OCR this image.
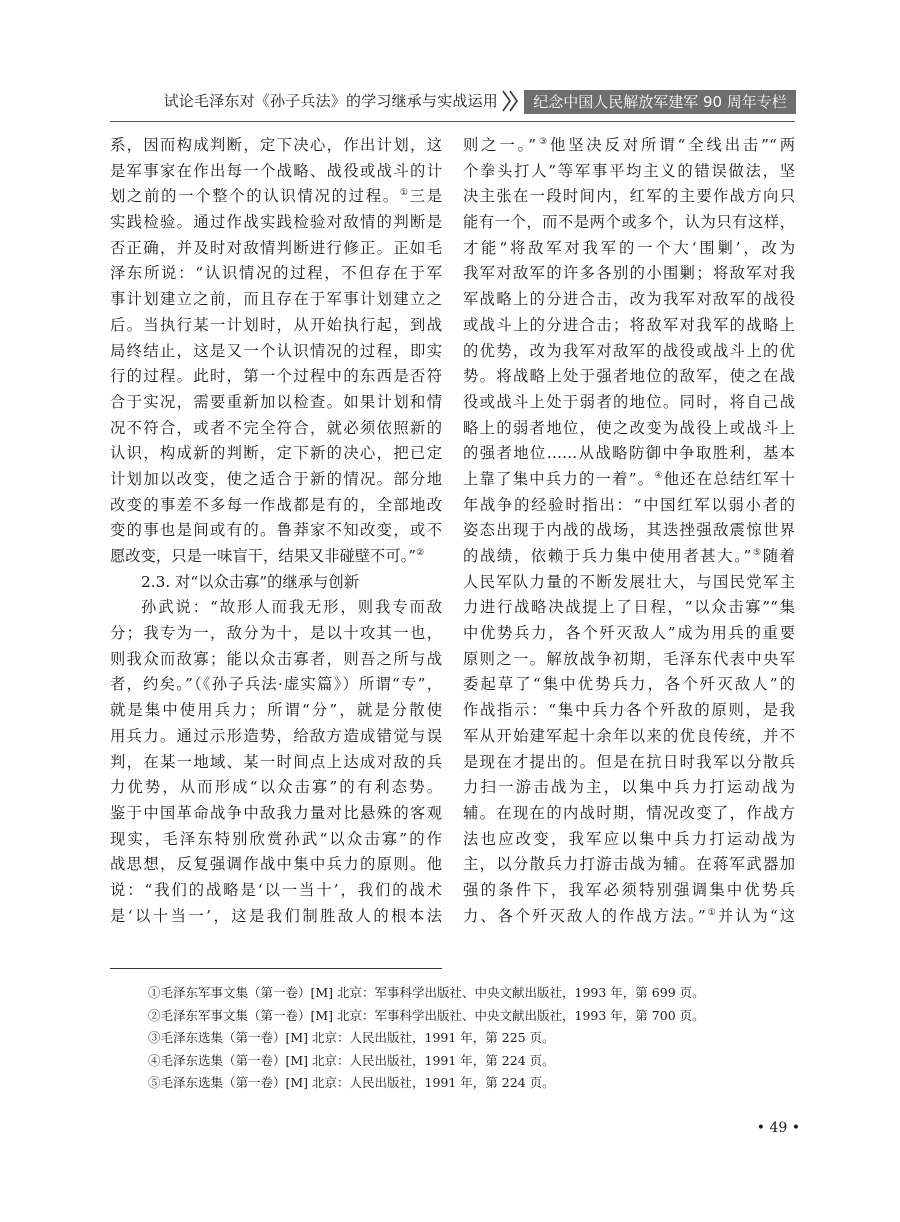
试论毛泽东对《孙子兵法》的学习继承与实战运用	纪念中国人民解放军建军 90 周年专栏
系，因而构成判断，定下决心，作出计划，这
是军事家在作出每一个战略、战役或战斗的计
划之前的一个整个的认识情况的过程。①三是
实践检验。通过作战实践检验对敌情的判断是
否正确，并及时对敌情判断进行修正。正如毛
泽东所说：“认识情况的过程，不但存在于军
事计划建立之前，而且存在于军事计划建立之
后。当执行某一计划时，从开始执行起，到战
局终结止，这是又一个认识情况的过程，即实
行的过程。此时，第一个过程中的东西是否符
合于实况，需要重新加以检查。如果计划和情
况不符合，或者不完全符合，就必须依照新的
认识，构成新的判断，定下新的决心，把已定
计划加以改变，使之适合于新的情况。部分地
改变的事差不多每一作战都是有的，全部地改
变的事也是间或有的。鲁莽家不知改变，或不
愿改变，只是一味盲干，结果又非碰壁不可。”②
2.3. 对“以众击寡”的继承与创新
孙武说：“故形人而我无形，则我专而敌
分；我专为一，敌分为十，是以十攻其一也，
则我众而敌寡；能以众击寡者，则吾之所与战
者，约矣。”（《孙子兵法·虚实篇》）所谓“专”，
就是集中使用兵力；所谓“分”，就是分散使
用兵力。通过示形造势，给敌方造成错觉与误
判，在某一地域、某一时间点上达成对敌的兵
力优势，从而形成“以众击寡”的有利态势。
鉴于中国革命战争中敌我力量对比悬殊的客观
现实，毛泽东特别欣赏孙武“以众击寡”的作
战思想，反复强调作战中集中兵力的原则。他
说：“我们的战略是‘以一当十’，我们的战术
是‘以十当一’，这是我们制胜敌人的根本法
则之一。”③他坚决反对所谓“全线出击”“两
个拳头打人”等军事平均主义的错误做法，坚
决主张在一段时间内，红军的主要作战方向只
能有一个，而不是两个或多个，认为只有这样，
才能“将敌军对我军的一个大‘围剿’，改为
我军对敌军的许多各别的小围剿；将敌军对我
军战略上的分进合击，改为我军对敌军的战役
或战斗上的分进合击；将敌军对我军的战略上
的优势，改为我军对敌军的战役或战斗上的优
势。将战略上处于强者地位的敌军，使之在战
役或战斗上处于弱者的地位。同时，将自己战
略上的弱者地位，使之改变为战役上或战斗上
的强者地位……从战略防御中争取胜利，基本
上靠了集中兵力的一着”。④他还在总结红军十
年战争的经验时指出：“中国红军以弱小者的
姿态出现于内战的战场，其迭挫强敌震惊世界
的战绩，依赖于兵力集中使用者甚大。”⑤随着
人民军队力量的不断发展壮大，与国民党军主
力进行战略决战提上了日程，“以众击寡”“集
中优势兵力，各个歼灭敌人”成为用兵的重要
原则之一。解放战争初期，毛泽东代表中央军
委起草了“集中优势兵力，各个歼灭敌人”的
作战指示：“集中兵力各个歼敌的原则，是我
军从开始建军起十余年以来的优良传统，并不
是现在才提出的。但是在抗日时我军以分散兵
力扫一游击战为主，以集中兵力打运动战为
辅。在现在的内战时期，情况改变了，作战方
法也应改变，我军应以集中兵力打运动战为
主，以分散兵力打游击战为辅。在蒋军武器加
强的条件下，我军必须特别强调集中优势兵
力、各个歼灭敌人的作战方法。”①并认为“这
①毛泽东军事文集（第一卷）[M] 北京：军事科学出版社、中央文献出版社，1993 年，第 699 页。
②毛泽东军事文集（第一卷）[M] 北京：军事科学出版社、中央文献出版社，1993 年，第 700 页。
③毛泽东选集（第一卷）[M] 北京：人民出版社，1991 年，第 225 页。
④毛泽东选集（第一卷）[M] 北京：人民出版社，1991 年，第 224 页。
⑤毛泽东选集（第一卷）[M] 北京：人民出版社，1991 年，第 224 页。
• 49 •
